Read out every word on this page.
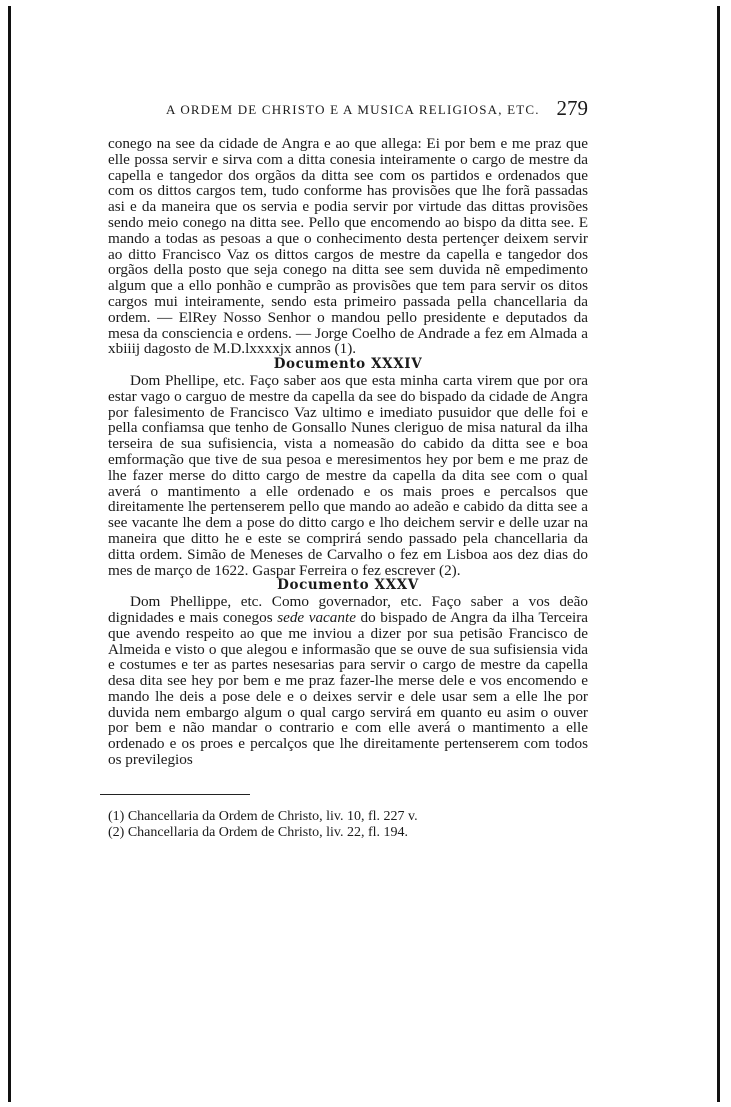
A ORDEM DE CHRISTO E A MUSICA RELIGIOSA, ETC. 279

conego na see da cidade de Angra e ao que allega: Ei por bem e me praz que elle possa servir e sirva com a ditta conesia inteiramente o cargo de mestre da capella e tangedor dos orgãos da ditta see com os partidos e ordenados que com os dittos cargos tem, tudo conforme has provisões que lhe forã passadas asi e da maneira que os servia e podia servir por virtude das dittas provisões sendo meio conego na ditta see. Pello que encomendo ao bispo da ditta see. E mando a todas as pesoas a que o conhecimento desta pertençer deixem servir ao ditto Francisco Vaz os dittos cargos de mestre da capella e tangedor dos orgãos della posto que seja conego na ditta see sem duvida nẽ empedimento algum que a ello ponhão e cumprão as provisões que tem para servir os ditos cargos mui inteiramente, sendo esta primeiro passada pella chancellaria da ordem. — ElRey Nosso Senhor o mandou pello presidente e deputados da mesa da consciencia e ordens. — Jorge Coelho de Andrade a fez em Almada a xbiiij dagosto de M.D.lxxxxjx annos (1).

Documento XXXIV

Dom Phellipe, etc. Faço saber aos que esta minha carta virem que por ora estar vago o carguo de mestre da capella da see do bispado da cidade de Angra por falesimento de Francisco Vaz ultimo e imediato pusuidor que delle foi e pella confiamsa que tenho de Gonsallo Nunes cleriguo de misa natural da ilha terseira de sua sufisiencia, vista a nomeasão do cabido da ditta see e boa emformação que tive de sua pesoa e meresimentos hey por bem e me praz de lhe fazer merse do ditto cargo de mestre da capella da dita see com o qual averá o mantimento a elle ordenado e os mais proes e percalsos que direitamente lhe pertenserem pello que mando ao adeão e cabido da ditta see a see vacante lhe dem a pose do ditto cargo e lho deichem servir e delle uzar na maneira que ditto he e este se comprirá sendo passado pela chancellaria da ditta ordem. Simão de Meneses de Carvalho o fez em Lisboa aos dez dias do mes de março de 1622. Gaspar Ferreira o fez escrever (2).

Documento XXXV

Dom Phellippe, etc. Como governador, etc. Faço saber a vos deão dignidades e mais conegos sede vacante do bispado de Angra da ilha Terceira que avendo respeito ao que me inviou a dizer por sua petisão Francisco de Almeida e visto o que alegou e informasão que se ouve de sua sufisiensia vida e costumes e ter as partes nesesarias para servir o cargo de mestre da capella desa dita see hey por bem e me praz fazer-lhe merse dele e vos encomendo e mando lhe deis a pose dele e o deixes servir e dele usar sem a elle lhe por duvida nem embargo algum o qual cargo servirá em quanto eu asim o ouver por bem e não mandar o contrario e com elle averá o mantimento a elle ordenado e os proes e percalços que lhe direitamente pertenserem com todos os previlegios

(1) Chancellaria da Ordem de Christo, liv. 10, fl. 227 v.

(2) Chancellaria da Ordem de Christo, liv. 22, fl. 194.
